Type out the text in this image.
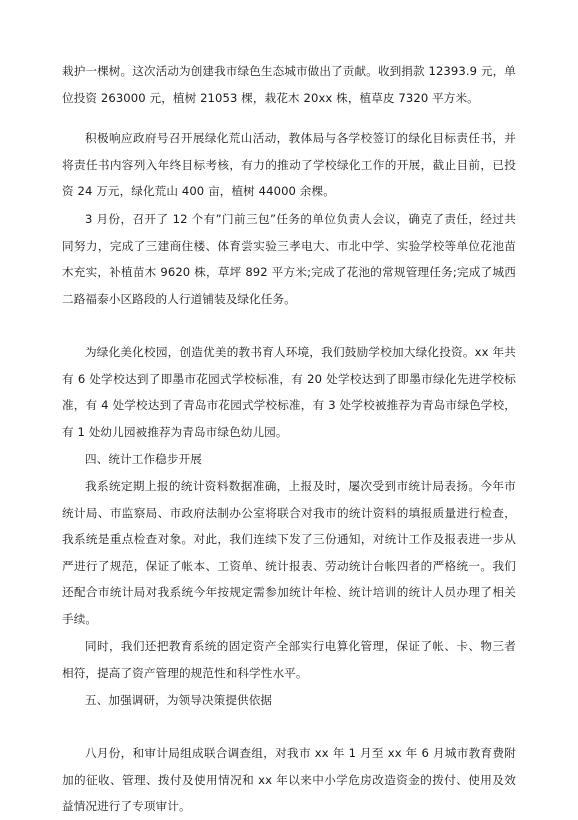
栽护一棵树。这次活动为创建我市绿色生态城市做出了贡献。收到捐款 12393.9 元，单位投资 263000 元，植树 21053 棵，栽花木 20xx 株，植草皮 7320 平方米。

积极响应政府号召开展绿化荒山活动，教体局与各学校签订的绿化目标责任书，并将责任书内容列入年终目标考核，有力的推动了学校绿化工作的开展，截止目前，已投资 24 万元，绿化荒山 400 亩，植树 44000 余棵。

3 月份，召开了 12 个有”门前三包”任务的单位负责人会议，确克了责任，经过共同努力，完成了三建商住楼、体育尝实验三孝电大、市北中学、实验学校等单位花池苗木充实，补植苗木 9620 株，草坪 892 平方米;完成了花池的常规管理任务;完成了城西二路福泰小区路段的人行道铺装及绿化任务。

为绿化美化校园，创造优美的教书育人环境，我们鼓励学校加大绿化投资。xx 年共有 6 处学校达到了即墨市花园式学校标准，有 20 处学校达到了即墨市绿化先进学校标准，有 4 处学校达到了青岛市花园式学校标准，有 3 处学校被推荐为青岛市绿色学校，有 1 处幼儿园被推荐为青岛市绿色幼儿园。

四、统计工作稳步开展

我系统定期上报的统计资料数据准确，上报及时，屡次受到市统计局表扬。今年市统计局、市监察局、市政府法制办公室将联合对我市的统计资料的填报质量进行检查，我系统是重点检查对象。对此，我们连续下发了三份通知，对统计工作及报表进一步从严进行了规范，保证了帐本、工资单、统计报表、劳动统计台帐四者的严格统一。我们还配合市统计局对我系统今年按规定需参加统计年检、统计培训的统计人员办理了相关手续。

同时，我们还把教育系统的固定资产全部实行电算化管理，保证了帐、卡、物三者相符，提高了资产管理的规范性和科学性水平。

五、加强调研，为领导决策提供依据

八月份，和审计局组成联合调查组，对我市 xx 年 1 月至 xx 年 6 月城市教育费附加的征收、管理、拨付及使用情况和 xx 年以来中小学危房改造资金的拨付、使用及效益情况进行了专项审计。
